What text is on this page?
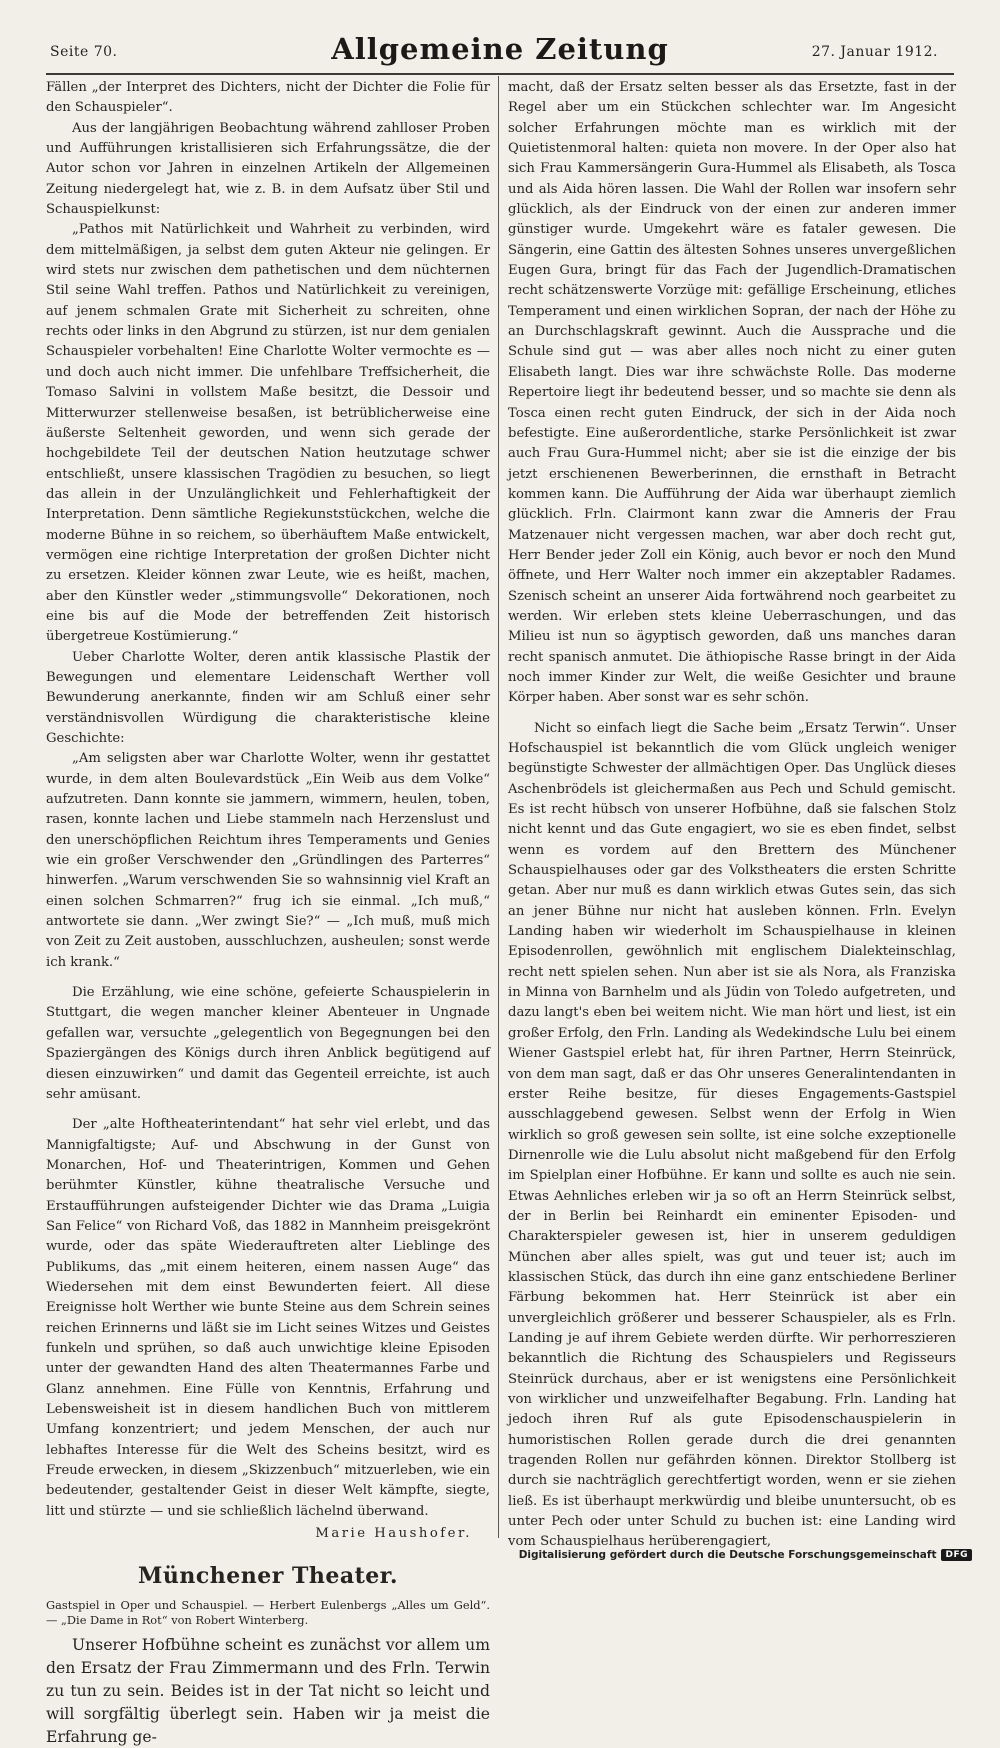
Seite 70.	Allgemeine Zeitung	27. Januar 1912.

Fällen „der Interpret des Dichters, nicht der Dichter die Folie für den Schauspieler“.

Aus der langjährigen Beobachtung während zahlloser Proben und Aufführungen kristallisieren sich Erfahrungssätze, die der Autor schon vor Jahren in einzelnen Artikeln der Allgemeinen Zeitung niedergelegt hat, wie z. B. in dem Aufsatz über Stil und Schauspielkunst:

„Pathos mit Natürlichkeit und Wahrheit zu verbinden, wird dem mittelmäßigen, ja selbst dem guten Akteur nie gelingen. Er wird stets nur zwischen dem pathetischen und dem nüchternen Stil seine Wahl treffen. Pathos und Natürlichkeit zu vereinigen, auf jenem schmalen Grate mit Sicherheit zu schreiten, ohne rechts oder links in den Abgrund zu stürzen, ist nur dem genialen Schauspieler vorbehalten! Eine Charlotte Wolter vermochte es — und doch auch nicht immer. Die unfehlbare Treffsicherheit, die Tomaso Salvini in vollstem Maße besitzt, die Dessoir und Mitterwurzer stellenweise besaßen, ist betrüblicherweise eine äußerste Seltenheit geworden, und wenn sich gerade der hochgebildete Teil der deutschen Nation heutzutage schwer entschließt, unsere klassischen Tragödien zu besuchen, so liegt das allein in der Unzulänglichkeit und Fehlerhaftigkeit der Interpretation. Denn sämtliche Regiekunststückchen, welche die moderne Bühne in so reichem, so überhäuftem Maße entwickelt, vermögen eine richtige Interpretation der großen Dichter nicht zu ersetzen. Kleider können zwar Leute, wie es heißt, machen, aber den Künstler weder „stimmungsvolle“ Dekorationen, noch eine bis auf die Mode der betreffenden Zeit historisch übergetreue Kostümierung.“

Ueber Charlotte Wolter, deren antik klassische Plastik der Bewegungen und elementare Leidenschaft Werther voll Bewunderung anerkannte, finden wir am Schluß einer sehr verständnisvollen Würdigung die charakteristische kleine Geschichte:

„Am seligsten aber war Charlotte Wolter, wenn ihr gestattet wurde, in dem alten Boulevardstück „Ein Weib aus dem Volke“ aufzutreten. Dann konnte sie jammern, wimmern, heulen, toben, rasen, konnte lachen und Liebe stammeln nach Herzenslust und den unerschöpflichen Reichtum ihres Temperaments und Genies wie ein großer Verschwender den „Gründlingen des Parterres“ hinwerfen. „Warum verschwenden Sie so wahnsinnig viel Kraft an einen solchen Schmarren?“ frug ich sie einmal. „Ich muß,“ antwortete sie dann. „Wer zwingt Sie?“ — „Ich muß, muß mich von Zeit zu Zeit austoben, ausschluchzen, ausheulen; sonst werde ich krank.“

Die Erzählung, wie eine schöne, gefeierte Schauspielerin in Stuttgart, die wegen mancher kleiner Abenteuer in Ungnade gefallen war, versuchte „gelegentlich von Begegnungen bei den Spaziergängen des Königs durch ihren Anblick begütigend auf diesen einzuwirken“ und damit das Gegenteil erreichte, ist auch sehr amüsant.

Der „alte Hoftheaterintendant“ hat sehr viel erlebt, und das Mannigfaltigste; Auf- und Abschwung in der Gunst von Monarchen, Hof- und Theaterintrigen, Kommen und Gehen berühmter Künstler, kühne theatralische Versuche und Erstaufführungen aufsteigender Dichter wie das Drama „Luigia San Felice“ von Richard Voß, das 1882 in Mannheim preisgekrönt wurde, oder das späte Wiederauftreten alter Lieblinge des Publikums, das „mit einem heiteren, einem nassen Auge“ das Wiedersehen mit dem einst Bewunderten feiert. All diese Ereignisse holt Werther wie bunte Steine aus dem Schrein seines reichen Erinnerns und läßt sie im Licht seines Witzes und Geistes funkeln und sprühen, so daß auch unwichtige kleine Episoden unter der gewandten Hand des alten Theatermannes Farbe und Glanz annehmen. Eine Fülle von Kenntnis, Erfahrung und Lebensweisheit ist in diesem handlichen Buch von mittlerem Umfang konzentriert; und jedem Menschen, der auch nur lebhaftes Interesse für die Welt des Scheins besitzt, wird es Freude erwecken, in diesem „Skizzenbuch“ mitzuerleben, wie ein bedeutender, gestaltender Geist in dieser Welt kämpfte, siegte, litt und stürzte — und sie schließlich lächelnd überwand.

Marie Haushofer.

Münchener Theater.

Gastspiel in Oper und Schauspiel. — Herbert Eulenbergs „Alles um Geld“. — „Die Dame in Rot“ von Robert Winterberg.

Unserer Hofbühne scheint es zunächst vor allem um den Ersatz der Frau Zimmermann und des Frln. Terwin zu tun zu sein. Beides ist in der Tat nicht so leicht und will sorgfältig überlegt sein. Haben wir ja meist die Erfahrung ge-

macht, daß der Ersatz selten besser als das Ersetzte, fast in der Regel aber um ein Stückchen schlechter war. Im Angesicht solcher Erfahrungen möchte man es wirklich mit der Quietistenmoral halten: quieta non movere. In der Oper also hat sich Frau Kammersängerin Gura-Hummel als Elisabeth, als Tosca und als Aida hören lassen. Die Wahl der Rollen war insofern sehr glücklich, als der Eindruck von der einen zur anderen immer günstiger wurde. Umgekehrt wäre es fataler gewesen. Die Sängerin, eine Gattin des ältesten Sohnes unseres unvergeßlichen Eugen Gura, bringt für das Fach der Jugendlich-Dramatischen recht schätzenswerte Vorzüge mit: gefällige Erscheinung, etliches Temperament und einen wirklichen Sopran, der nach der Höhe zu an Durchschlagskraft gewinnt. Auch die Aussprache und die Schule sind gut — was aber alles noch nicht zu einer guten Elisabeth langt. Dies war ihre schwächste Rolle. Das moderne Repertoire liegt ihr bedeutend besser, und so machte sie denn als Tosca einen recht guten Eindruck, der sich in der Aida noch befestigte. Eine außerordentliche, starke Persönlichkeit ist zwar auch Frau Gura-Hummel nicht; aber sie ist die einzige der bis jetzt erschienenen Bewerberinnen, die ernsthaft in Betracht kommen kann. Die Aufführung der Aida war überhaupt ziemlich glücklich. Frln. Clairmont kann zwar die Amneris der Frau Matzenauer nicht vergessen machen, war aber doch recht gut, Herr Bender jeder Zoll ein König, auch bevor er noch den Mund öffnete, und Herr Walter noch immer ein akzeptabler Radames. Szenisch scheint an unserer Aida fortwährend noch gearbeitet zu werden. Wir erleben stets kleine Ueberraschungen, und das Milieu ist nun so ägyptisch geworden, daß uns manches daran recht spanisch anmutet. Die äthiopische Rasse bringt in der Aida noch immer Kinder zur Welt, die weiße Gesichter und braune Körper haben. Aber sonst war es sehr schön.

Nicht so einfach liegt die Sache beim „Ersatz Terwin“. Unser Hofschauspiel ist bekanntlich die vom Glück ungleich weniger begünstigte Schwester der allmächtigen Oper. Das Unglück dieses Aschenbrödels ist gleichermaßen aus Pech und Schuld gemischt. Es ist recht hübsch von unserer Hofbühne, daß sie falschen Stolz nicht kennt und das Gute engagiert, wo sie es eben findet, selbst wenn es vordem auf den Brettern des Münchener Schauspielhauses oder gar des Volkstheaters die ersten Schritte getan. Aber nur muß es dann wirklich etwas Gutes sein, das sich an jener Bühne nur nicht hat ausleben können. Frln. Evelyn Landing haben wir wiederholt im Schauspielhause in kleinen Episodenrollen, gewöhnlich mit englischem Dialekteinschlag, recht nett spielen sehen. Nun aber ist sie als Nora, als Franziska in Minna von Barnhelm und als Jüdin von Toledo aufgetreten, und dazu langt's eben bei weitem nicht. Wie man hört und liest, ist ein großer Erfolg, den Frln. Landing als Wedekindsche Lulu bei einem Wiener Gastspiel erlebt hat, für ihren Partner, Herrn Steinrück, von dem man sagt, daß er das Ohr unseres Generalintendanten in erster Reihe besitze, für dieses Engagements-Gastspiel ausschlaggebend gewesen. Selbst wenn der Erfolg in Wien wirklich so groß gewesen sein sollte, ist eine solche exzeptionelle Dirnenrolle wie die Lulu absolut nicht maßgebend für den Erfolg im Spielplan einer Hofbühne. Er kann und sollte es auch nie sein. Etwas Aehnliches erleben wir ja so oft an Herrn Steinrück selbst, der in Berlin bei Reinhardt ein eminenter Episoden- und Charakterspieler gewesen ist, hier in unserem geduldigen München aber alles spielt, was gut und teuer ist; auch im klassischen Stück, das durch ihn eine ganz entschiedene Berliner Färbung bekommen hat. Herr Steinrück ist aber ein unvergleichlich größerer und besserer Schauspieler, als es Frln. Landing je auf ihrem Gebiete werden dürfte. Wir perhorreszieren bekanntlich die Richtung des Schauspielers und Regisseurs Steinrück durchaus, aber er ist wenigstens eine Persönlichkeit von wirklicher und unzweifelhafter Begabung. Frln. Landing hat jedoch ihren Ruf als gute Episodenschauspielerin in humoristischen Rollen gerade durch die drei genannten tragenden Rollen nur gefährden können. Direktor Stollberg ist durch sie nachträglich gerechtfertigt worden, wenn er sie ziehen ließ. Es ist überhaupt merkwürdig und bleibe ununtersucht, ob es unter Pech oder unter Schuld zu buchen ist: eine Landing wird vom Schauspielhaus herüberengagiert,

Digitalisierung gefördert durch die Deutsche Forschungsgemeinschaft	DFG
